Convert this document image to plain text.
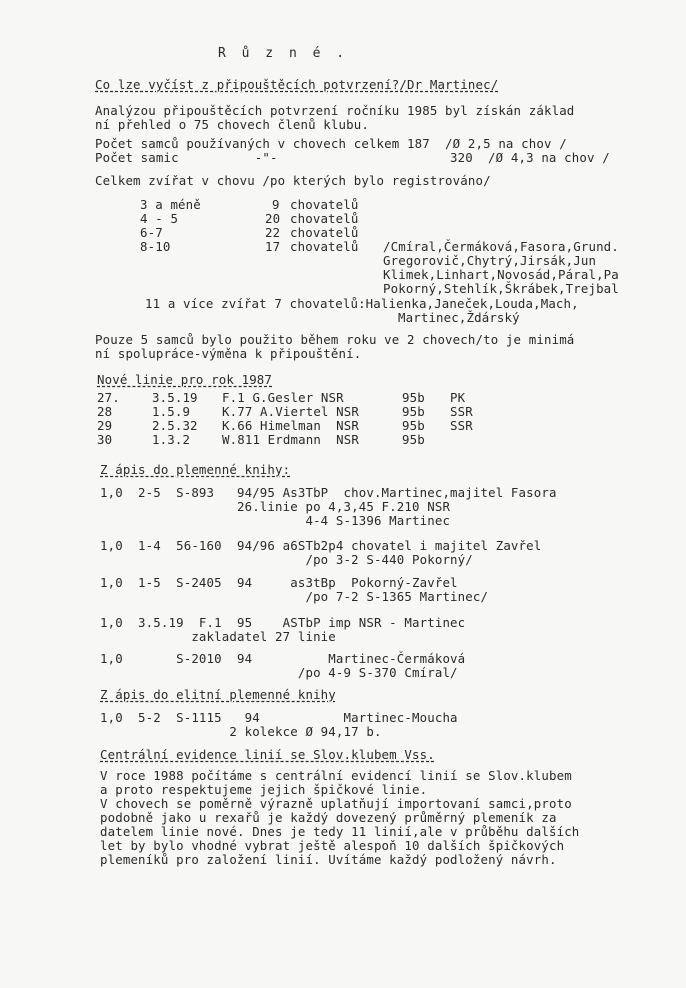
R ů z n é .
Co lze vyčíst z připouštěcích potvrzení?/Dr Martinec/
Analýzou připouštěcích potvrzení ročníku 1985 byl získán základ
ní přehled o 75 chovech členů klubu.
Počet samců používaných v chovech celkem 187  /Ø 2,5 na chov /
Počet samic          -"-	320  /Ø 4,3 na chov /
Celkem zvířat v chovu /po kterých bylo registrováno/
3 a méně	9 chovatelů
4 - 5	20 chovatelů
6-7	22 chovatelů
8-10	17 chovatelů /Cmíral,Čermáková,Fasora,Grund.
Gregorovič,Chytrý,Jirsák,Jun
Klimek,Linhart,Novosád,Páral,Pa
Pokorný,Stehlík,Škrábek,Trejbal
11 a více zvířat 7 chovatelů:Halienka,Janeček,Louda,Mach,
Martinec,Ždárský
Pouze 5 samců bylo použito během roku ve 2 chovech/to je minimá
ní spolupráce-výměna k připouštění.
Nové linie pro rok 1987
27.	3.5.19 F.1 G.Gesler NSR	95b PK
28	1.5.9	K.77 A.Viertel NSR	95b SSR
29	2.5.32 K.66 Himelman  NSR	95b SSR
30	1.3.2	W.811 Erdmann  NSR	95b
Z ápis do plemenné knihy:
1,0  2-5  S-893   94/95 As3TbP  chov.Martinec,majitel Fasora
26.linie po 4,3,45 F.210 NSR
4-4 S-1396 Martinec
1,0  1-4  56-160  94/96 a6STb2p4 chovatel i majitel Zavřel
/po 3-2 S-440 Pokorný/
1,0  1-5  S-2405  94     as3tBp  Pokorný-Zavřel
/po 7-2 S-1365 Martinec/
1,0  3.5.19  F.1  95    ASTbP imp NSR - Martinec
zakladatel 27 linie
1,0       S-2010  94          Martinec-Čermáková
/po 4-9 S-370 Cmíral/
Z ápis do elitní plemenné knihy
1,0  5-2  S-1115   94           Martinec-Moucha
2 kolekce Ø 94,17 b.
Centrální evidence linií se Slov.klubem Vss.
V roce 1988 počítáme s centrální evidencí linií se Slov.klubem
a proto respektujeme jejich špičkové linie.
V chovech se poměrně výrazně uplatňují importovaní samci,proto
podobně jako u rexařů je každý dovezený průměrný plemeník za
datelem linie nové. Dnes je tedy 11 linií,ale v průběhu dalších
let by bylo vhodné vybrat ještě alespoň 10 dalších špičkových
plemeníků pro založení linií. Uvítáme každý podložený návrh.
